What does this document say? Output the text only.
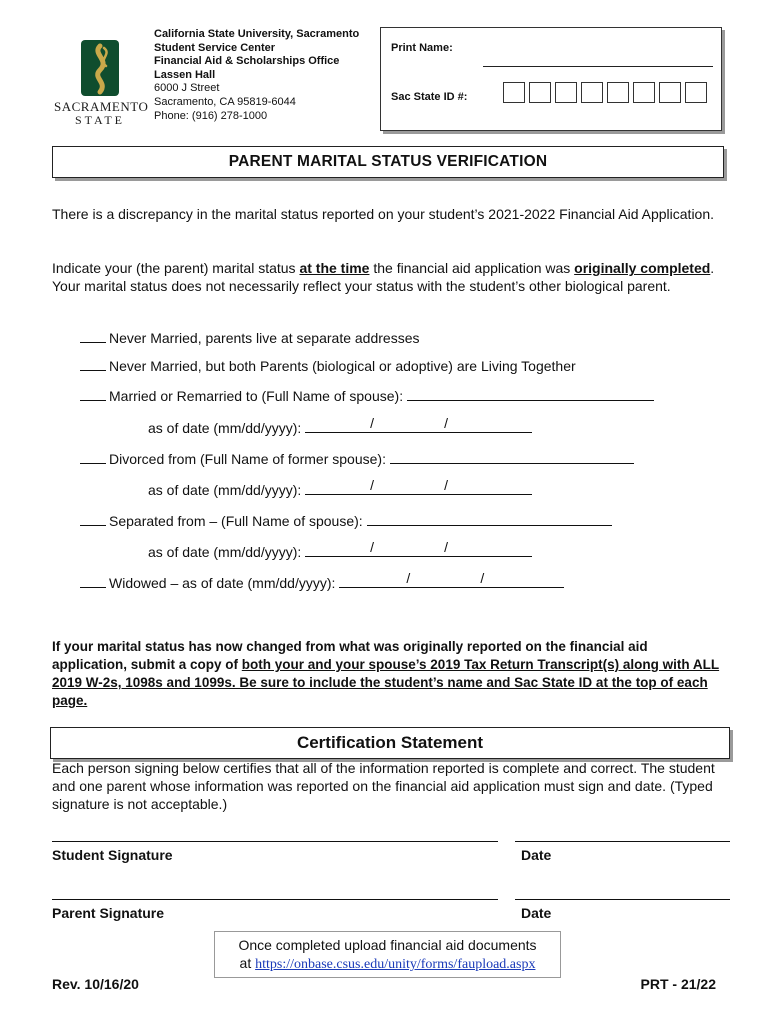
SACRAMENTO
STATE
California State University, Sacramento
Student Service Center
Financial Aid & Scholarships Office
Lassen Hall
6000 J Street
Sacramento, CA 95819-6044
Phone: (916) 278-1000
Print Name:
Sac State ID #:
PARENT MARITAL STATUS VERIFICATION
There is a discrepancy in the marital status reported on your student’s 2021-2022 Financial Aid Application.
Indicate your (the parent) marital status at the time the financial aid application was originally completed. Your marital status does not necessarily reflect your status with the student’s other biological parent.
Never Married, parents live at separate addresses
Never Married, but both Parents (biological or adoptive) are Living Together
Married or Remarried to (Full Name of spouse):
as of date (mm/dd/yyyy):	/	/
Divorced from (Full Name of former spouse):
as of date (mm/dd/yyyy):	/	/
Separated from – (Full Name of spouse):
as of date (mm/dd/yyyy):	/	/
Widowed – as of date (mm/dd/yyyy):	/	/
If your marital status has now changed from what was originally reported on the financial aid application, submit a copy of both your and your spouse’s 2019 Tax Return Transcript(s) along with ALL 2019 W-2s, 1098s and 1099s. Be sure to include the student’s name and Sac State ID at the top of each page.
Certification Statement
Each person signing below certifies that all of the information reported is complete and correct. The student and one parent whose information was reported on the financial aid application must sign and date. (Typed signature is not acceptable.)
Student Signature	Date
Parent Signature	Date
Once completed upload financial aid documents
at https://onbase.csus.edu/unity/forms/faupload.aspx
Rev. 10/16/20	PRT - 21/22
